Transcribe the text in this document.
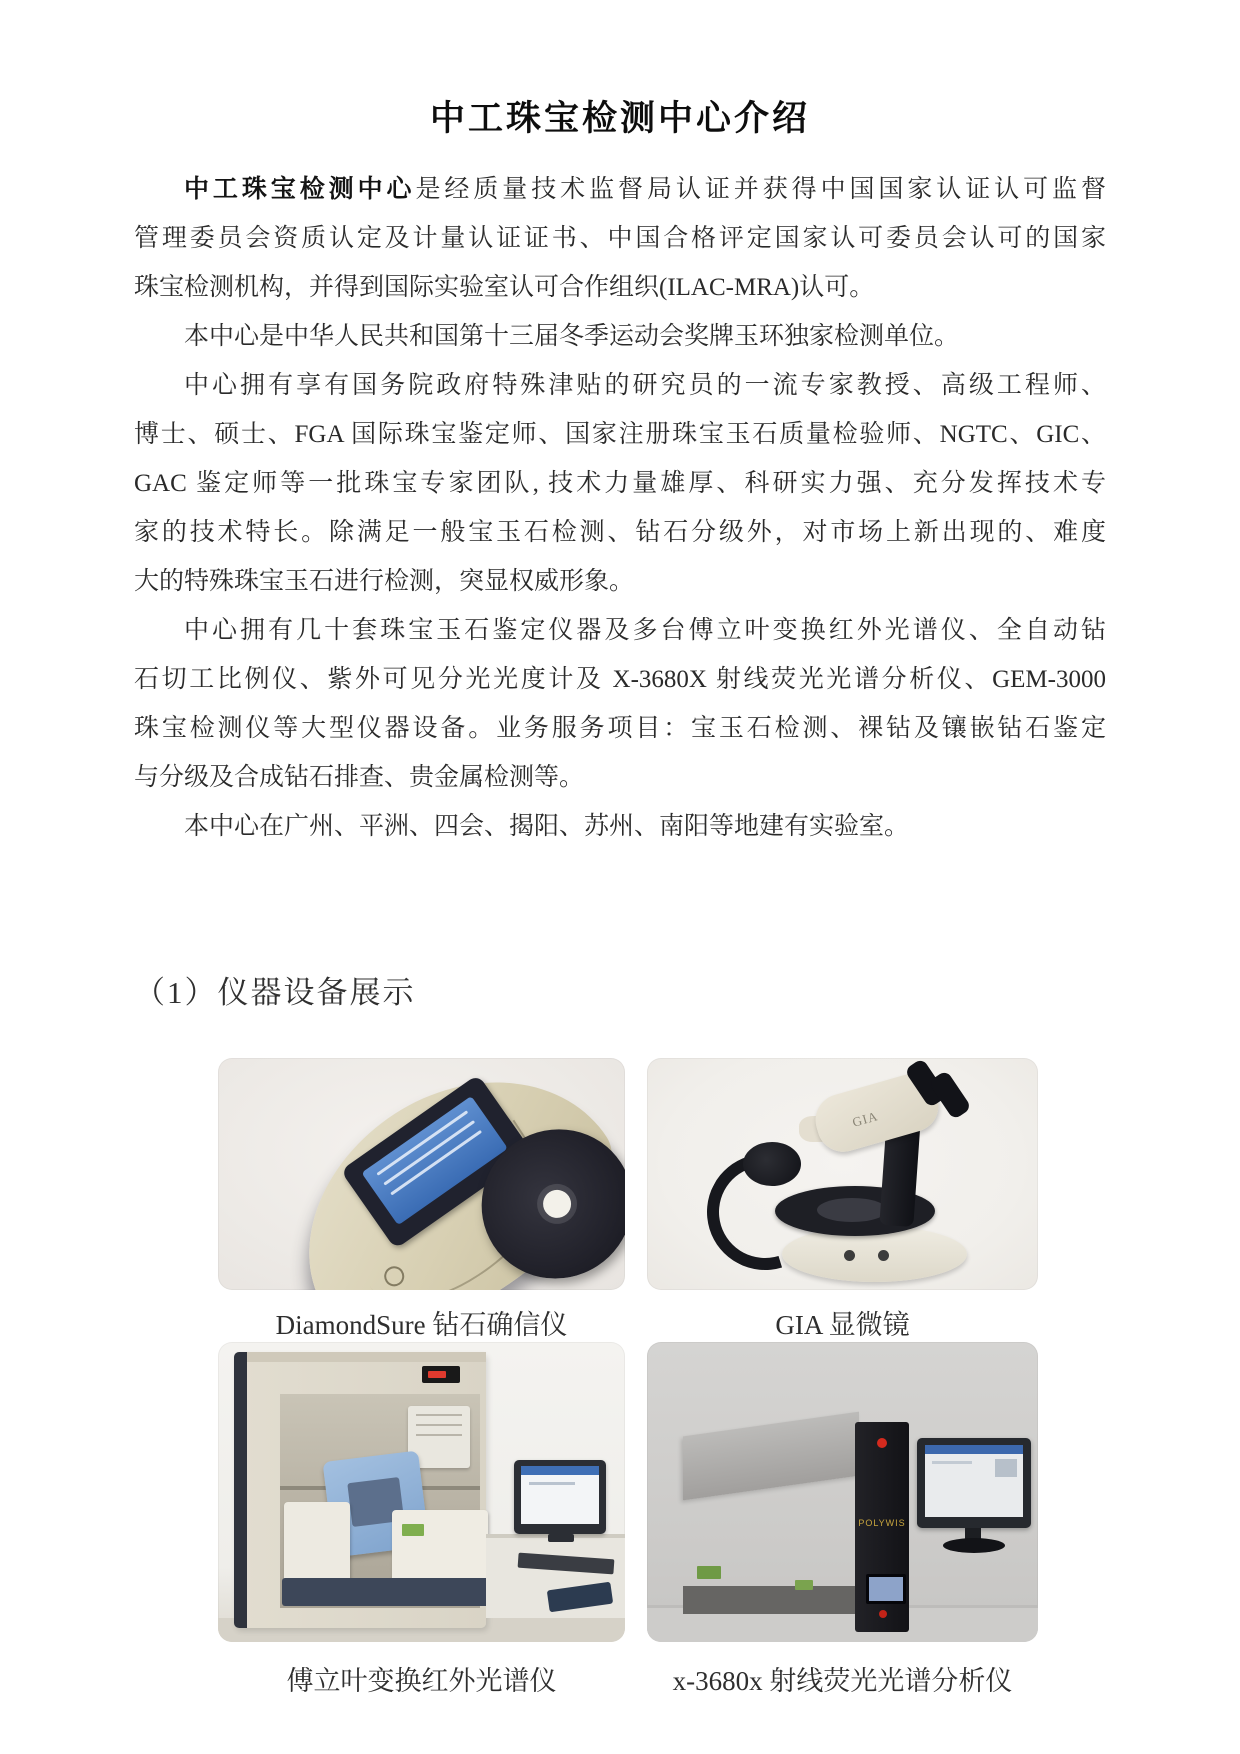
中工珠宝检测中心介绍
中工珠宝检测中心是经质量技术监督局认证并获得中国国家认证认可监督
管理委员会资质认定及计量认证证书、中国合格评定国家认可委员会认可的国家
珠宝检测机构，并得到国际实验室认可合作组织(ILAC-MRA)认可。
本中心是中华人民共和国第十三届冬季运动会奖牌玉环独家检测单位。
中心拥有享有国务院政府特殊津贴的研究员的一流专家教授、高级工程师、
博士、硕士、FGA 国际珠宝鉴定师、国家注册珠宝玉石质量检验师、NGTC、GIC、
GAC 鉴定师等一批珠宝专家团队, 技术力量雄厚、科研实力强、充分发挥技术专
家的技术特长。除满足一般宝玉石检测、钻石分级外，对市场上新出现的、难度
大的特殊珠宝玉石进行检测，突显权威形象。
中心拥有几十套珠宝玉石鉴定仪器及多台傅立叶变换红外光谱仪、全自动钻
石切工比例仪、紫外可见分光光度计及 X-3680X 射线荧光光谱分析仪、GEM-3000
珠宝检测仪等大型仪器设备。业务服务项目：宝玉石检测、裸钻及镶嵌钻石鉴定
与分级及合成钻石排查、贵金属检测等。
本中心在广州、平洲、四会、揭阳、苏州、南阳等地建有实验室。
（1）仪器设备展示
GIA
DiamondSure 钻石确信仪	GIA 显微镜
POLYWIS
傅立叶变换红外光谱仪	x-3680x 射线荧光光谱分析仪
